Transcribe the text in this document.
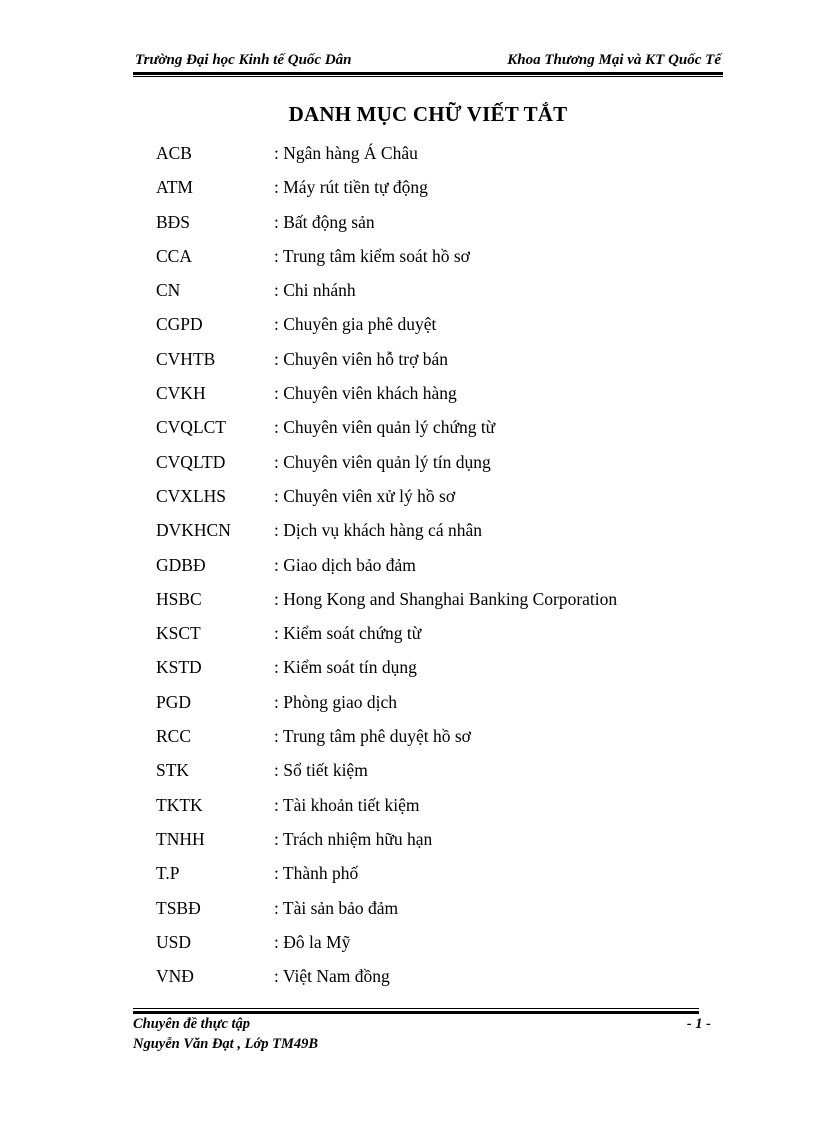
Trường Đại học Kinh tế Quốc Dân	Khoa Thương Mại và KT Quốc Tế
DANH MỤC CHỮ VIẾT TẮT
ACB	: Ngân hàng Á Châu
ATM	: Máy rút tiền tự động
BĐS	: Bất động sản
CCA	: Trung tâm kiểm soát hồ sơ
CN	: Chi nhánh
CGPD	: Chuyên gia phê duyệt
CVHTB	: Chuyên viên hỗ trợ bán
CVKH	: Chuyên viên khách hàng
CVQLCT	: Chuyên viên quản lý chứng từ
CVQLTD	: Chuyên viên quản lý tín dụng
CVXLHS	: Chuyên viên xử lý hồ sơ
DVKHCN	: Dịch vụ khách hàng cá nhân
GDBĐ	: Giao dịch bảo đảm
HSBC	: Hong Kong and Shanghai Banking Corporation
KSCT	: Kiểm soát chứng từ
KSTD	: Kiểm soát tín dụng
PGD	: Phòng giao dịch
RCC	: Trung tâm phê duyệt hồ sơ
STK	: Sổ tiết kiệm
TKTK	: Tài khoản tiết kiệm
TNHH	: Trách nhiệm hữu hạn
T.P	: Thành phố
TSBĐ	: Tài sản bảo đảm
USD	: Đô la Mỹ
VNĐ	: Việt Nam đồng
Chuyên đề thực tập	- 1 -
Nguyễn Văn Đạt , Lớp TM49B
